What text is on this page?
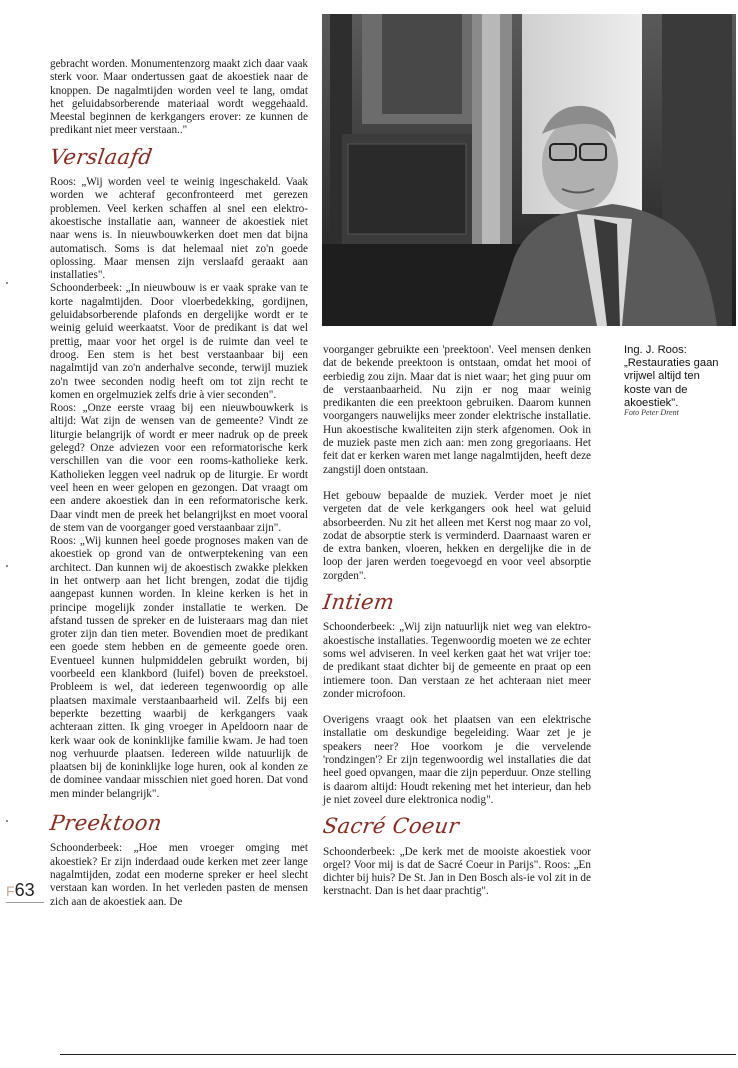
gebracht worden. Monumentenzorg maakt zich daar vaak sterk voor. Maar ondertussen gaat de akoestiek naar de knoppen. De nagalmtijden worden veel te lang, omdat het geluidabsorberende materiaal wordt weggehaald. Meestal beginnen de kerkgangers erover: ze kunnen de predikant niet meer verstaan.."

Verslaafd

Roos: „Wij worden veel te weinig ingeschakeld. Vaak worden we achteraf geconfronteerd met gerezen problemen. Veel kerken schaffen al snel een elektro-akoestische installatie aan, wanneer de akoestiek niet naar wens is. In nieuwbouwkerken doet men dat bijna automatisch. Soms is dat helemaal niet zo'n goede oplossing. Maar mensen zijn verslaafd geraakt aan installaties".

Schoonderbeek: „In nieuwbouw is er vaak sprake van te korte nagalmtijden. Door vloerbedekking, gordijnen, geluidabsorberende plafonds en dergelijke wordt er te weinig geluid weerkaatst. Voor de predikant is dat wel prettig, maar voor het orgel is de ruimte dan veel te droog. Een stem is het best verstaanbaar bij een nagalmtijd van zo'n anderhalve seconde, terwijl muziek zo'n twee seconden nodig heeft om tot zijn recht te komen en orgelmuziek zelfs drie à vier seconden".

Roos: „Onze eerste vraag bij een nieuwbouwkerk is altijd: Wat zijn de wensen van de gemeente? Vindt ze liturgie belangrijk of wordt er meer nadruk op de preek gelegd? Onze adviezen voor een reformatorische kerk verschillen van die voor een rooms-katholieke kerk. Katholieken leggen veel nadruk op de liturgie. Er wordt veel heen en weer gelopen en gezongen. Dat vraagt om een andere akoestiek dan in een reformatorische kerk. Daar vindt men de preek het belangrijkst en moet vooral de stem van de voorganger goed verstaanbaar zijn".

Roos: „Wij kunnen heel goede prognoses maken van de akoestiek op grond van de ontwerptekening van een architect. Dan kunnen wij de akoestisch zwakke plekken in het ontwerp aan het licht brengen, zodat die tijdig aangepast kunnen worden. In kleine kerken is het in principe mogelijk zonder installatie te werken. De afstand tussen de spreker en de luisteraars mag dan niet groter zijn dan tien meter. Bovendien moet de predikant een goede stem hebben en de gemeente goede oren. Eventueel kunnen hulpmiddelen gebruikt worden, bij voorbeeld een klankbord (luifel) boven de preekstoel. Probleem is wel, dat iedereen tegenwoordig op alle plaatsen maximale verstaanbaarheid wil. Zelfs bij een beperkte bezetting waarbij de kerkgangers vaak achteraan zitten. Ik ging vroeger in Apeldoorn naar de kerk waar ook de koninklijke familie kwam. Je had toen nog verhuurde plaatsen. Iedereen wilde natuurlijk de plaatsen bij de koninklijke loge huren, ook al konden ze de dominee vandaar misschien niet goed horen. Dat vond men minder belangrijk".

Preektoon

Schoonderbeek: „Hoe men vroeger omging met akoestiek? Er zijn inderdaad oude kerken met zeer lange nagalmtijden, zodat een moderne spreker er heel slecht verstaan kan worden. In het verleden pasten de mensen zich aan de akoestiek aan. De

voorganger gebruikte een 'preektoon'. Veel mensen denken dat de bekende preektoon is ontstaan, omdat het mooi of eerbiedig zou zijn. Maar dat is niet waar; het ging puur om de verstaanbaarheid. Nu zijn er nog maar weinig predikanten die een preektoon gebruiken. Daarom kunnen voorgangers nauwelijks meer zonder elektrische installatie. Hun akoestische kwaliteiten zijn sterk afgenomen. Ook in de muziek paste men zich aan: men zong gregoriaans. Het feit dat er kerken waren met lange nagalmtijden, heeft deze zangstijl doen ontstaan.

Het gebouw bepaalde de muziek. Verder moet je niet vergeten dat de vele kerkgangers ook heel wat geluid absorbeerden. Nu zit het alleen met Kerst nog maar zo vol, zodat de absorptie sterk is verminderd. Daarnaast waren er de extra banken, vloeren, hekken en dergelijke die in de loop der jaren werden toegevoegd en voor veel absorptie zorgden".

Intiem

Schoonderbeek: „Wij zijn natuurlijk niet weg van elektro-akoestische installaties. Tegenwoordig moeten we ze echter soms wel adviseren. In veel kerken gaat het wat vrijer toe: de predikant staat dichter bij de gemeente en praat op een intiemere toon. Dan verstaan ze het achteraan niet meer zonder microfoon.

Overigens vraagt ook het plaatsen van een elektrische installatie om deskundige begeleiding. Waar zet je je speakers neer? Hoe voorkom je die vervelende 'rondzingen'? Er zijn tegenwoordig wel installaties die dat heel goed opvangen, maar die zijn peperduur. Onze stelling is daarom altijd: Houdt rekening met het interieur, dan heb je niet zoveel dure elektronica nodig".

Sacré Coeur

Schoonderbeek: „De kerk met de mooiste akoestiek voor orgel? Voor mij is dat de Sacré Coeur in Parijs". Roos: „En dichter bij huis? De St. Jan in Den Bosch als-ie vol zit in de kerstnacht. Dan is het daar prachtig".

Ing. J. Roos: „Restauraties gaan vrijwel altijd ten koste van de akoestiek".
Foto Peter Drent
F63
